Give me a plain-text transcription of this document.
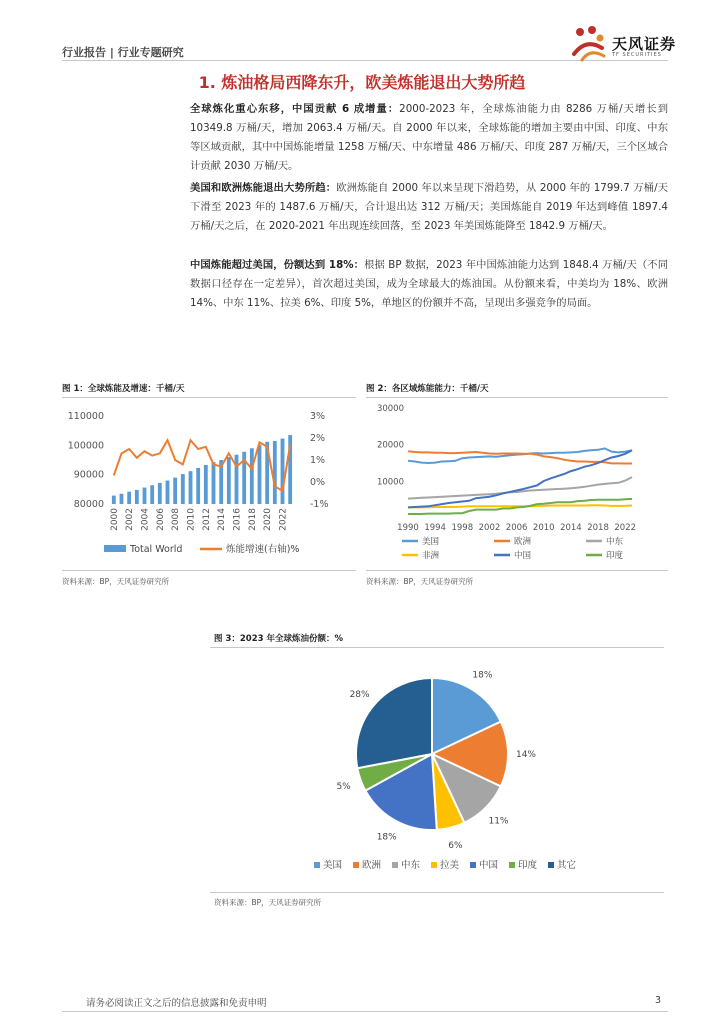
行业报告 | 行业专题研究	天风证券
TF SECURITIES
1. 炼油格局西降东升，欧美炼能退出大势所趋
全球炼化重心东移，中国贡献 6 成增量：2000-2023 年，全球炼油能力由 8286 万桶/天增长到 10349.8 万桶/天，增加 2063.4 万桶/天。自 2000 年以来，全球炼能的增加主要由中国、印度、中东等区域贡献，其中中国炼能增量 1258 万桶/天、中东增量 486 万桶/天、印度 287 万桶/天，三个区域合计贡献 2030 万桶/天。
美国和欧洲炼能退出大势所趋：欧洲炼能自 2000 年以来呈现下滑趋势，从 2000 年的 1799.7 万桶/天下滑至 2023 年的 1487.6 万桶/天，合计退出达 312 万桶/天；美国炼能自 2019 年达到峰值 1897.4 万桶/天之后，在 2020-2021 年出现连续回落，至 2023 年美国炼能降至 1842.9 万桶/天。
中国炼能超过美国，份额达到 18%：根据 BP 数据，2023 年中国炼油能力达到 1848.4 万桶/天（不同数据口径存在一定差异），首次超过美国，成为全球最大的炼油国。从份额来看，中美均为 18%、欧洲 14%、中东 11%、拉美 6%、印度 5%，单地区的份额并不高，呈现出多强竞争的局面。
图 1：全球炼能及增速：千桶/天
110000
100000
90000
80000
3%
2%
1%
0%
-1%
2000 2002 2004 2006 2008 2010 2012 2014 2016 2018 2020 2022
Total World	炼能增速(右轴)%
资料来源：BP，天风证券研究所
图 2：各区域炼能能力：千桶/天
30000
20000
10000
1990 1994 1998 2002 2006 2010 2014 2018 2022
美国	欧洲	中东
非洲	中国	印度
资料来源：BP，天风证券研究所
图 3：2023 年全球炼油份额：%
18%
14%
11%
6%
18%
5%
28%
美国 欧洲 中东 拉美 中国 印度 其它
资料来源：BP，天风证券研究所
请务必阅读正文之后的信息披露和免责申明	3
